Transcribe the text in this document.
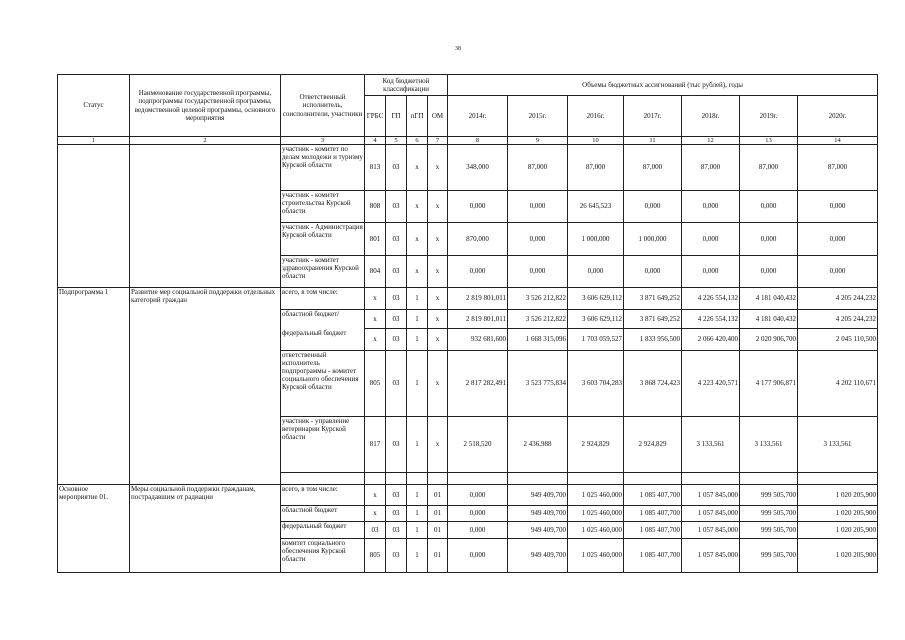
38
Статус	Наименование государственной программы, подпрограммы государственной программы, ведомственной целевой программы, основного мероприятия	Ответственный исполнитель, соисполнители, участники	Код бюджетной классификации				Объемы бюджетных ассигнований (тыс рублей), годы						
			ГРБС	ГП	пГП	ОМ	2014г.	2015г.	2016г.	2017г.	2018г.	2019г.	2020г.
1	2	3	4	5	6	7	8	9	10	11	12	13	14
		участник - комитет по делам молодежи и туризму Курской области	813	03	х	х	348,000	87,000	87,000	87,000	87,000	87,000	87,000
		участник - комитет строительства Курской области	808	03	х	х	0,000	0,000	26 645,523	0,000	0,000	0,000	0,000
		участник - Администрация Курской области	801	03	х	х	870,000	0,000	1 000,000	1 000,000	0,000	0,000	0,000
		участник - комитет здравоохранения Курской области	804	03	х	х	0,000	0,000	0,000	0,000	0,000	0,000	0,000
Подпрограмма 1	Развитие мер социальной поддержки отдельных категорий граждан	всего, в том числе:	х	03	1	х	2 819 801,011	3 526 212,822	3 606 629,112	3 871 649,252	4 226 554,132	4 181 040,432	4 205 244,232
		областной бюджет/	х	03	1	х	2 819 801,011	3 526 212,822	3 606 629,112	3 871 649,252	4 226 554,132	4 181 040,432	4 205 244,232
		федеральный бюджет	х	03	1	х	932 681,600	1 668 315,096	1 703 059,527	1 833 956,500	2 066 420,400	2 020 906,700	2 045 110,500
		ответственный исполнитель подпрограммы - комитет социального обеспечения Курской области	805	03	1	х	2 817 282,491	3 523 775,834	3 603 704,283	3 868 724,423	4 223 420,571	4 177 906,871	4 202 110,671
		участник - управление ветеринарии Курской области	817	03	1	х	2 518,520	2 436,988	2 924,829	2 924,829	3 133,561	3 133,561	3 133,561

Основное мероприятие 01.	Меры социальной поддержки гражданам, пострадавшим от радиации	всего, в том числе:	х	03	1	01	0,000	949 409,700	1 025 460,000	1 085 407,700	1 057 845,000	999 505,700	1 020 205,900
		областной бюджет	х	03	1	01	0,000	949 409,700	1 025 460,000	1 085 407,700	1 057 845,000	999 505,700	1 020 205,900
		федеральный бюджет	03	03	1	01	0,000	949 409,700	1 025 460,000	1 085 407,700	1 057 845,000	999 505,700	1 020 205,900
		комитет социального обеспечения Курской области	805	03	1	01	0,000	949 409,700	1 025 460,000	1 085 407,700	1 057 845,000	999 505,700	1 020 205,900
